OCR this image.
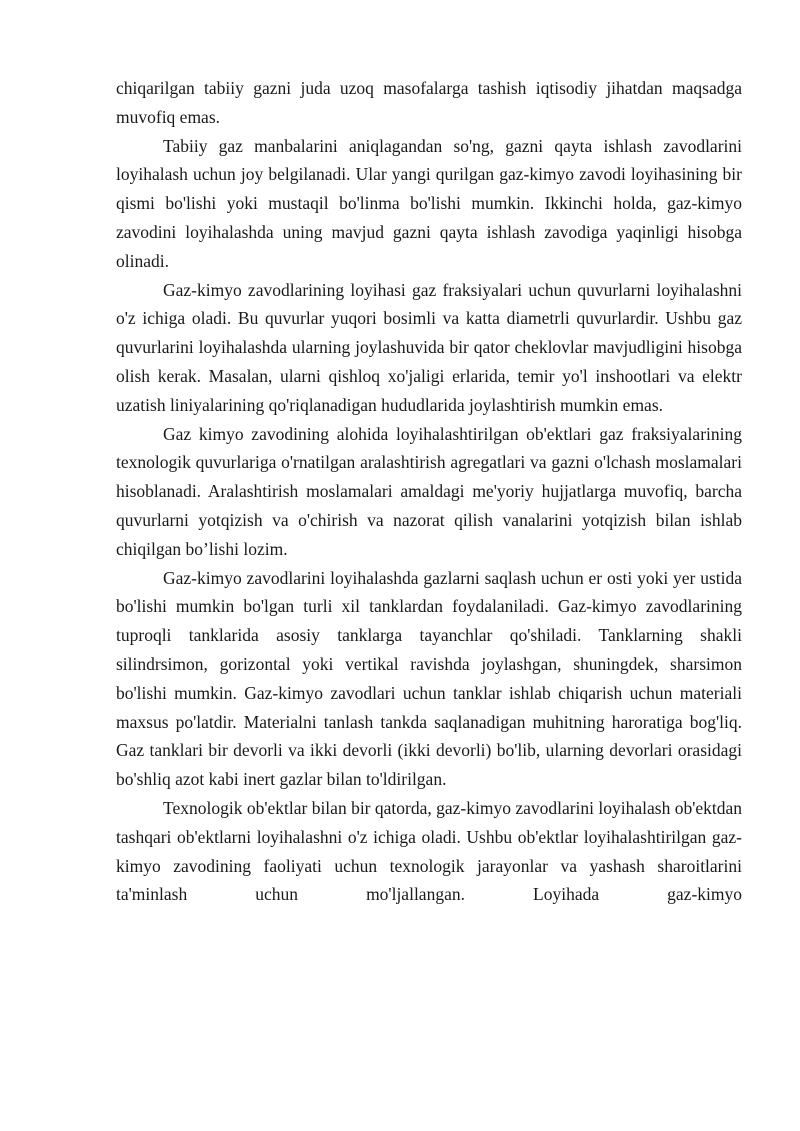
chiqarilgan tabiiy gazni juda uzoq masofalarga tashish iqtisodiy jihatdan maqsadga muvofiq emas.

Tabiiy gaz manbalarini aniqlagandan so'ng, gazni qayta ishlash zavodlarini loyihalash uchun joy belgilanadi. Ular yangi qurilgan gaz-kimyo zavodi loyihasining bir qismi bo'lishi yoki mustaqil bo'linma bo'lishi mumkin. Ikkinchi holda, gaz-kimyo zavodini loyihalashda uning mavjud gazni qayta ishlash zavodiga yaqinligi hisobga olinadi.

Gaz-kimyo zavodlarining loyihasi gaz fraksiyalari uchun quvurlarni loyihalashni o'z ichiga oladi. Bu quvurlar yuqori bosimli va katta diametrli quvurlardir. Ushbu gaz quvurlarini loyihalashda ularning joylashuvida bir qator cheklovlar mavjudligini hisobga olish kerak. Masalan, ularni qishloq xo'jaligi erlarida, temir yo'l inshootlari va elektr uzatish liniyalarining qo'riqlanadigan hududlarida joylashtirish mumkin emas.

Gaz kimyo zavodining alohida loyihalashtirilgan ob'ektlari gaz fraksiyalarining texnologik quvurlariga o'rnatilgan aralashtirish agregatlari va gazni o'lchash moslamalari hisoblanadi. Aralashtirish moslamalari amaldagi me'yoriy hujjatlarga muvofiq, barcha quvurlarni yotqizish va o'chirish va nazorat qilish vanalarini yotqizish bilan ishlab chiqilgan bo’lishi lozim.

Gaz-kimyo zavodlarini loyihalashda gazlarni saqlash uchun er osti yoki yer ustida bo'lishi mumkin bo'lgan turli xil tanklardan foydalaniladi. Gaz-kimyo zavodlarining tuproqli tanklarida asosiy tanklarga tayanchlar qo'shiladi. Tanklarning shakli silindrsimon, gorizontal yoki vertikal ravishda joylashgan, shuningdek, sharsimon bo'lishi mumkin. Gaz-kimyo zavodlari uchun tanklar ishlab chiqarish uchun materiali maxsus po'latdir. Materialni tanlash tankda saqlanadigan muhitning haroratiga bog'liq. Gaz tanklari bir devorli va ikki devorli (ikki devorli) bo'lib, ularning devorlari orasidagi bo'shliq azot kabi inert gazlar bilan to'ldirilgan.

Texnologik ob'ektlar bilan bir qatorda, gaz-kimyo zavodlarini loyihalash ob'ektdan tashqari ob'ektlarni loyihalashni o'z ichiga oladi. Ushbu ob'ektlar loyihalashtirilgan gaz-kimyo zavodining faoliyati uchun texnologik jarayonlar va yashash sharoitlarini ta'minlash uchun mo'ljallangan. Loyihada gaz-kimyo
